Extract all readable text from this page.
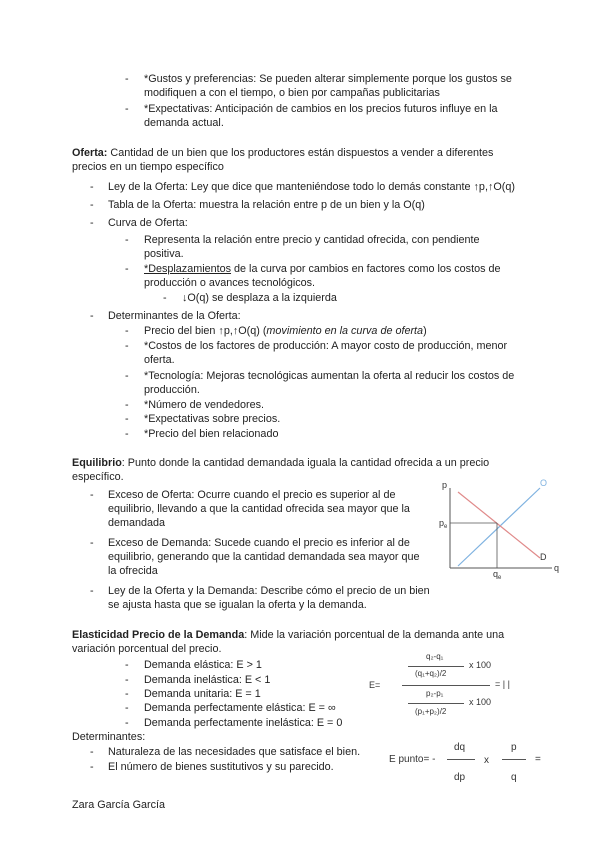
- *Gustos y preferencias: Se pueden alterar simplemente porque los gustos se
modifiquen a con el tiempo, o bien por campañas publicitarias
- *Expectativas: Anticipación de cambios en los precios futuros influye en la
demanda actual.
Oferta: Cantidad de un bien que los productores están dispuestos a vender a diferentes
precios en un tiempo específico
- Ley de la Oferta: Ley que dice que manteniéndose todo lo demás constante ↑p,↑O(q)
- Tabla de la Oferta: muestra la relación entre p de un bien y la O(q)
- Curva de Oferta:
- Representa la relación entre precio y cantidad ofrecida, con pendiente
positiva.
- *Desplazamientos de la curva por cambios en factores como los costos de
producción o avances tecnológicos.
- ↓O(q) se desplaza a la izquierda
- Determinantes de la Oferta:
- Precio del bien ↑p,↑O(q) (movimiento en la curva de oferta)
- *Costos de los factores de producción: A mayor costo de producción, menor
oferta.
- *Tecnología: Mejoras tecnológicas aumentan la oferta al reducir los costos de
producción.
- *Número de vendedores.
- *Expectativas sobre precios.
- *Precio del bien relacionado
Equilibrio: Punto donde la cantidad demandada iguala la cantidad ofrecida a un precio
específico.
- Exceso de Oferta: Ocurre cuando el precio es superior al de
equilibrio, llevando a que la cantidad ofrecida sea mayor que la
demandada
- Exceso de Demanda: Sucede cuando el precio es inferior al de
equilibrio, generando que la cantidad demandada sea mayor que
la ofrecida
- Ley de la Oferta y la Demanda: Describe cómo el precio de un bien
se ajusta hasta que se igualan la oferta y la demanda.
p
q
O
D
$p_e$
$q_e$
Elasticidad Precio de la Demanda: Mide la variación porcentual de la demanda ante una
variación porcentual del precio.
- Demanda elástica: E > 1
- Demanda inelástica: E < 1
- Demanda unitaria: E = 1
- Demanda perfectamente elástica: E = ∞
- Demanda perfectamente inelástica: E = 0
Determinantes:
- Naturaleza de las necesidades que satisface el bien.
- El número de bienes sustitutivos y su parecido.
E=
q₂-q₁
(q₁+q₂)/2
x 100
= | |
p₂-p₁
(p₁+p₂)/2
x 100
E punto= -
dq
dp
x
p
q
=
Zara García García
